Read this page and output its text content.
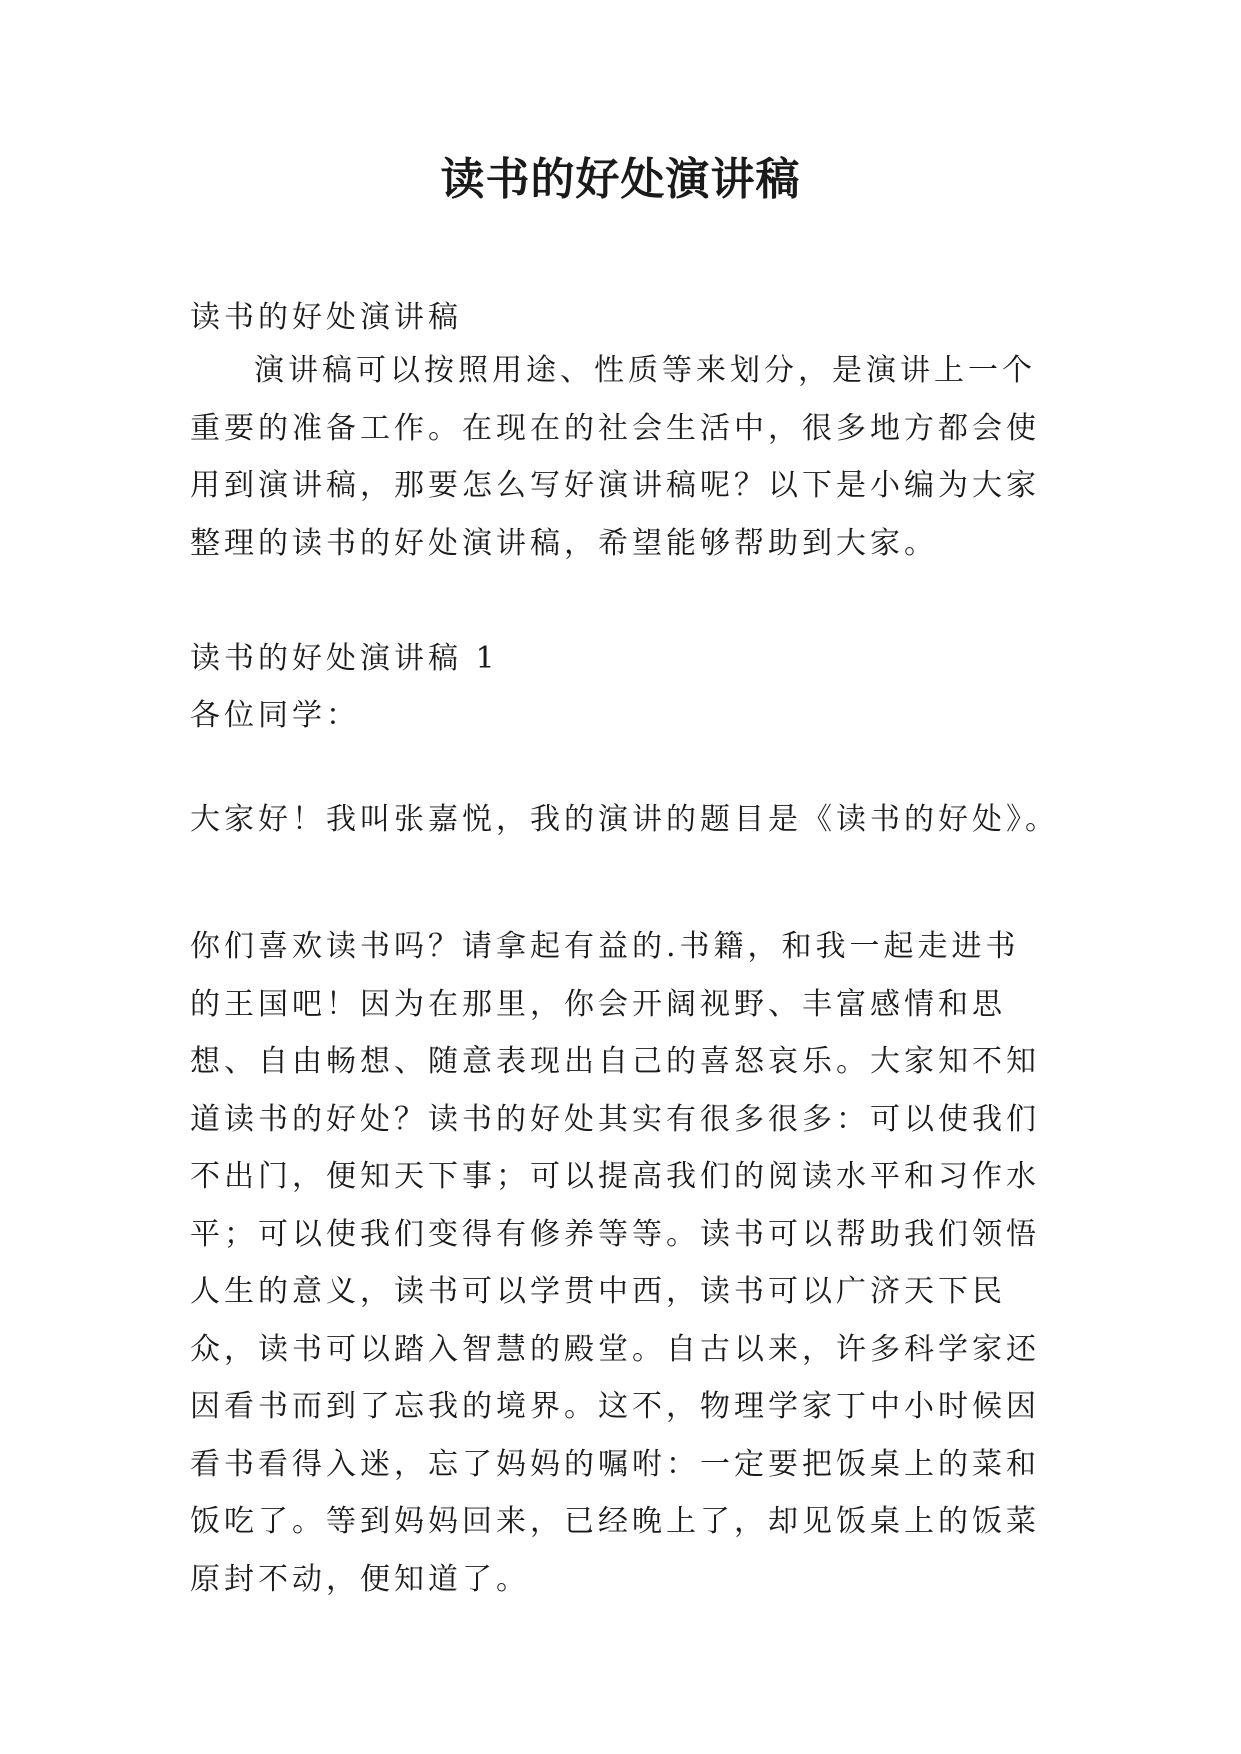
读书的好处演讲稿

读书的好处演讲稿

演讲稿可以按照用途、性质等来划分，是演讲上一个重要的准备工作。在现在的社会生活中，很多地方都会使用到演讲稿，那要怎么写好演讲稿呢？以下是小编为大家整理的读书的好处演讲稿，希望能够帮助到大家。

读书的好处演讲稿 1

各位同学：

大家好！我叫张嘉悦，我的演讲的题目是《读书的好处》。

你们喜欢读书吗？请拿起有益的.书籍，和我一起走进书的王国吧！因为在那里，你会开阔视野、丰富感情和思想、自由畅想、随意表现出自己的喜怒哀乐。大家知不知道读书的好处？读书的好处其实有很多很多：可以使我们不出门，便知天下事；可以提高我们的阅读水平和习作水平；可以使我们变得有修养等等。读书可以帮助我们领悟人生的意义，读书可以学贯中西，读书可以广济天下民众，读书可以踏入智慧的殿堂。自古以来，许多科学家还因看书而到了忘我的境界。这不，物理学家丁中小时候因看书看得入迷，忘了妈妈的嘱咐：一定要把饭桌上的菜和饭吃了。等到妈妈回来，已经晚上了，却见饭桌上的饭菜原封不动，便知道了。
